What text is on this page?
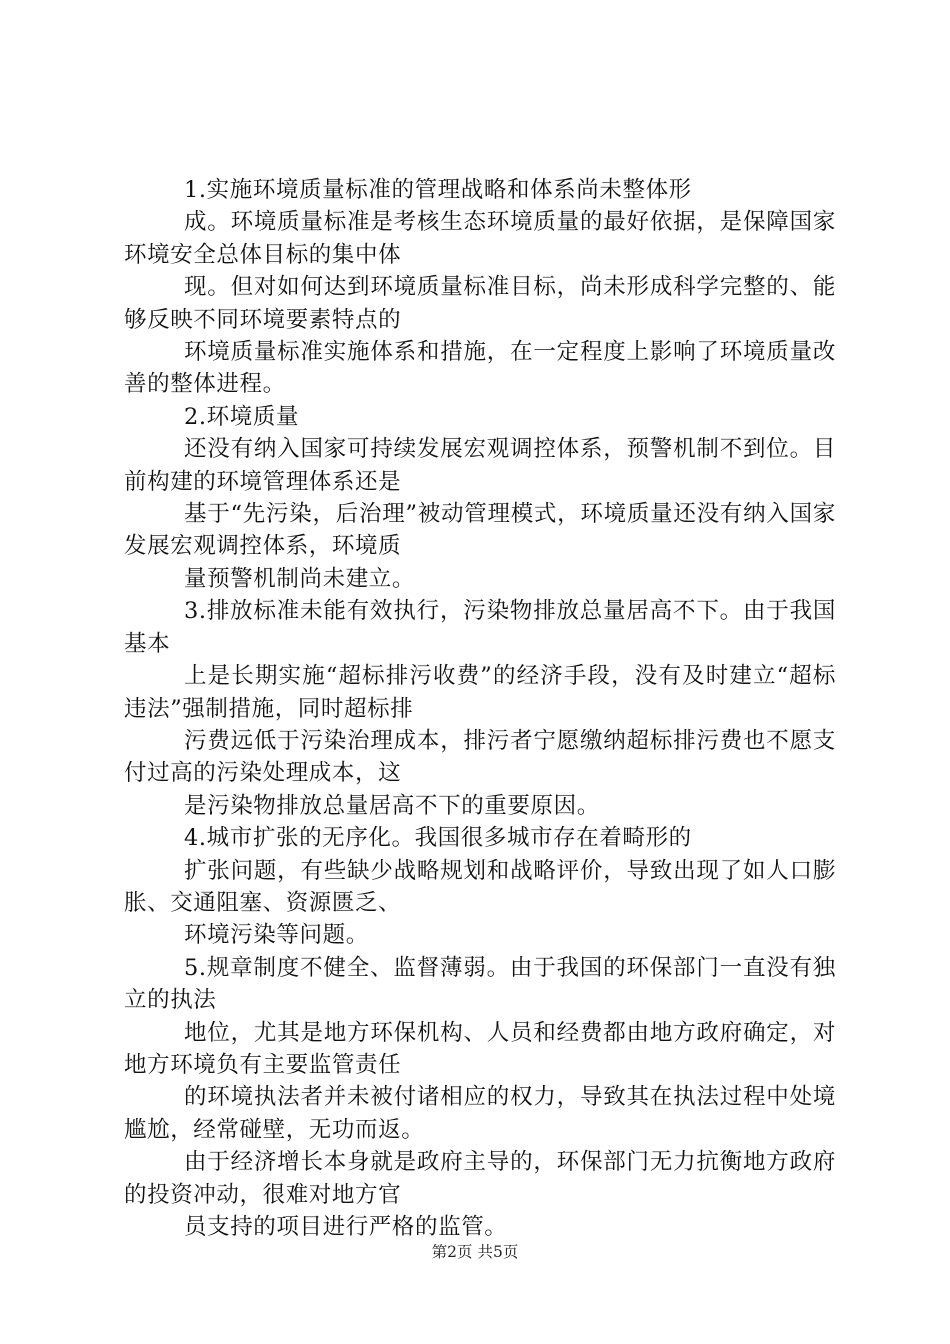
1.实施环境质量标准的管理战略和体系尚未整体形

成。环境质量标准是考核生态环境质量的最好依据，是保障国家环境安全总体目标的集中体

现。但对如何达到环境质量标准目标，尚未形成科学完整的、能够反映不同环境要素特点的

环境质量标准实施体系和措施，在一定程度上影响了环境质量改善的整体进程。

2.环境质量

还没有纳入国家可持续发展宏观调控体系，预警机制不到位。目前构建的环境管理体系还是

基于“先污染，后治理”被动管理模式，环境质量还没有纳入国家发展宏观调控体系，环境质

量预警机制尚未建立。

3.排放标准未能有效执行，污染物排放总量居高不下。由于我国基本

上是长期实施“超标排污收费”的经济手段，没有及时建立“超标违法”强制措施，同时超标排

污费远低于污染治理成本，排污者宁愿缴纳超标排污费也不愿支付过高的污染处理成本，这

是污染物排放总量居高不下的重要原因。

4.城市扩张的无序化。我国很多城市存在着畸形的

扩张问题，有些缺少战略规划和战略评价，导致出现了如人口膨胀、交通阻塞、资源匮乏、

环境污染等问题。

5.规章制度不健全、监督薄弱。由于我国的环保部门一直没有独立的执法

地位，尤其是地方环保机构、人员和经费都由地方政府确定，对地方环境负有主要监管责任

的环境执法者并未被付诸相应的权力，导致其在执法过程中处境尴尬，经常碰壁，无功而返。

由于经济增长本身就是政府主导的，环保部门无力抗衡地方政府的投资冲动，很难对地方官

员支持的项目进行严格的监管。

第2页 共5页
